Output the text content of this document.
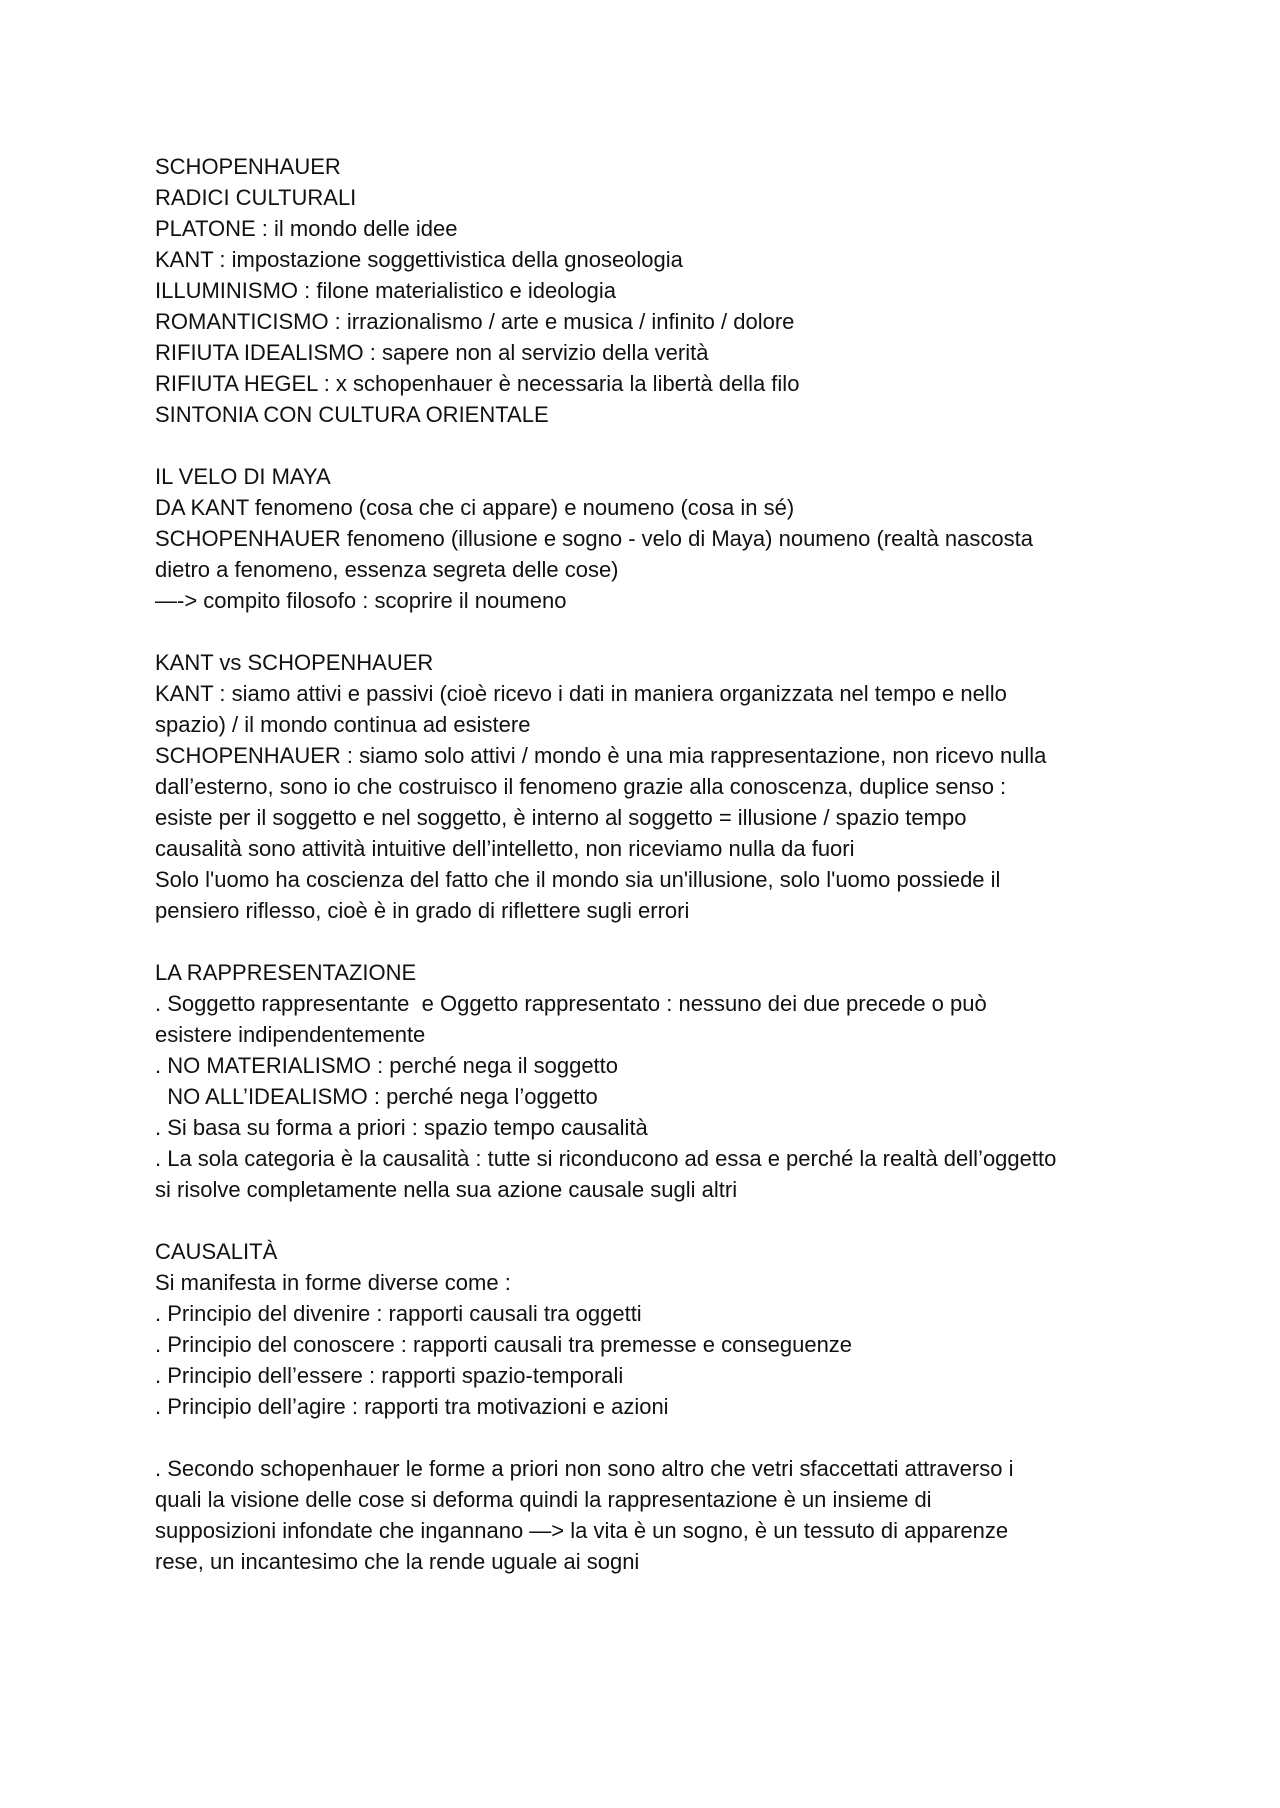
SCHOPENHAUER
RADICI CULTURALI
PLATONE : il mondo delle idee
KANT : impostazione soggettivistica della gnoseologia
ILLUMINISMO : filone materialistico e ideologia
ROMANTICISMO : irrazionalismo / arte e musica / infinito / dolore
RIFIUTA IDEALISMO : sapere non al servizio della verità
RIFIUTA HEGEL : x schopenhauer è necessaria la libertà della filo
SINTONIA CON CULTURA ORIENTALE
IL VELO DI MAYA
DA KANT fenomeno (cosa che ci appare) e noumeno (cosa in sé)
SCHOPENHAUER fenomeno (illusione e sogno - velo di Maya) noumeno (realtà nascosta
dietro a fenomeno, essenza segreta delle cose)
—-> compito filosofo : scoprire il noumeno
KANT vs SCHOPENHAUER
KANT : siamo attivi e passivi (cioè ricevo i dati in maniera organizzata nel tempo e nello
spazio) / il mondo continua ad esistere
SCHOPENHAUER : siamo solo attivi / mondo è una mia rappresentazione, non ricevo nulla
dall’esterno, sono io che costruisco il fenomeno grazie alla conoscenza, duplice senso :
esiste per il soggetto e nel soggetto, è interno al soggetto = illusione / spazio tempo
causalità sono attività intuitive dell’intelletto, non riceviamo nulla da fuori
Solo l'uomo ha coscienza del fatto che il mondo sia un'illusione, solo l'uomo possiede il
pensiero riflesso, cioè è in grado di riflettere sugli errori
LA RAPPRESENTAZIONE
. Soggetto rappresentante  e Oggetto rappresentato : nessuno dei due precede o può
esistere indipendentemente
. NO MATERIALISMO : perché nega il soggetto
NO ALL’IDEALISMO : perché nega l’oggetto
. Si basa su forma a priori : spazio tempo causalità
. La sola categoria è la causalità : tutte si riconducono ad essa e perché la realtà dell’oggetto
si risolve completamente nella sua azione causale sugli altri
CAUSALITÀ
Si manifesta in forme diverse come :
. Principio del divenire : rapporti causali tra oggetti
. Principio del conoscere : rapporti causali tra premesse e conseguenze
. Principio dell’essere : rapporti spazio-temporali
. Principio dell’agire : rapporti tra motivazioni e azioni
. Secondo schopenhauer le forme a priori non sono altro che vetri sfaccettati attraverso i
quali la visione delle cose si deforma quindi la rappresentazione è un insieme di
supposizioni infondate che ingannano —> la vita è un sogno, è un tessuto di apparenze
rese, un incantesimo che la rende uguale ai sogni
